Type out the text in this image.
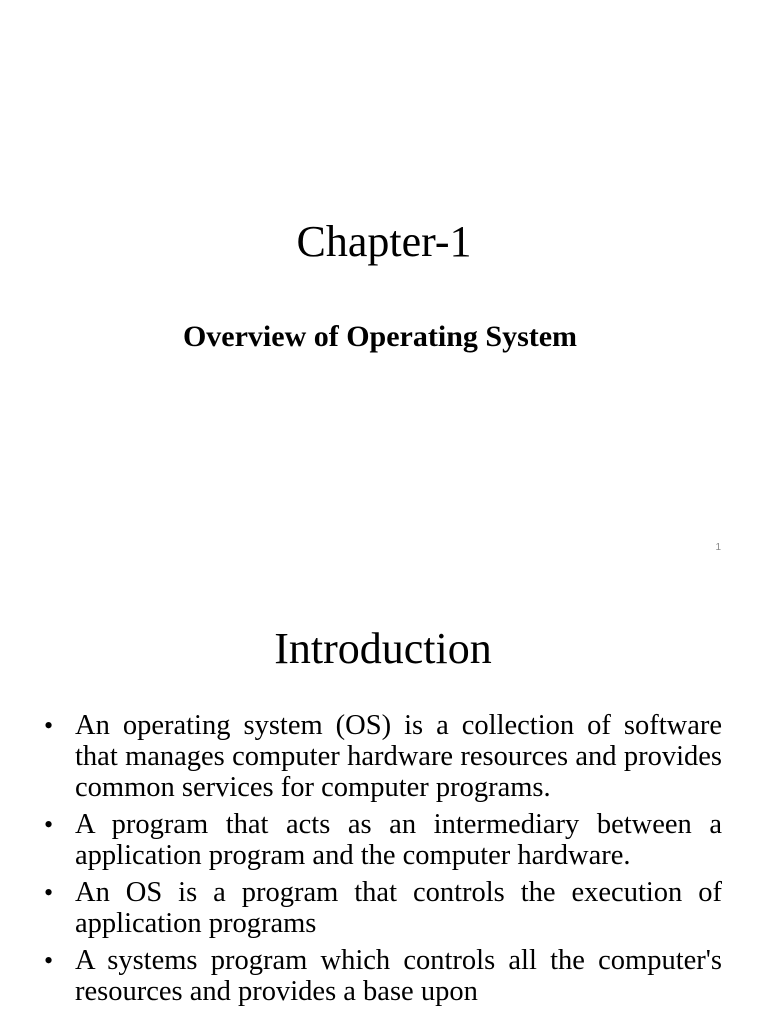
Chapter-1
Overview of Operating System
1
Introduction
• An operating system (OS) is a collection of software that manages computer hardware resources and provides common services for computer programs.
• A program that acts as an intermediary between a application program and the computer hardware.
• An OS is a program that controls the execution of application programs
• A systems program which controls all the computer's resources and provides a base upon
